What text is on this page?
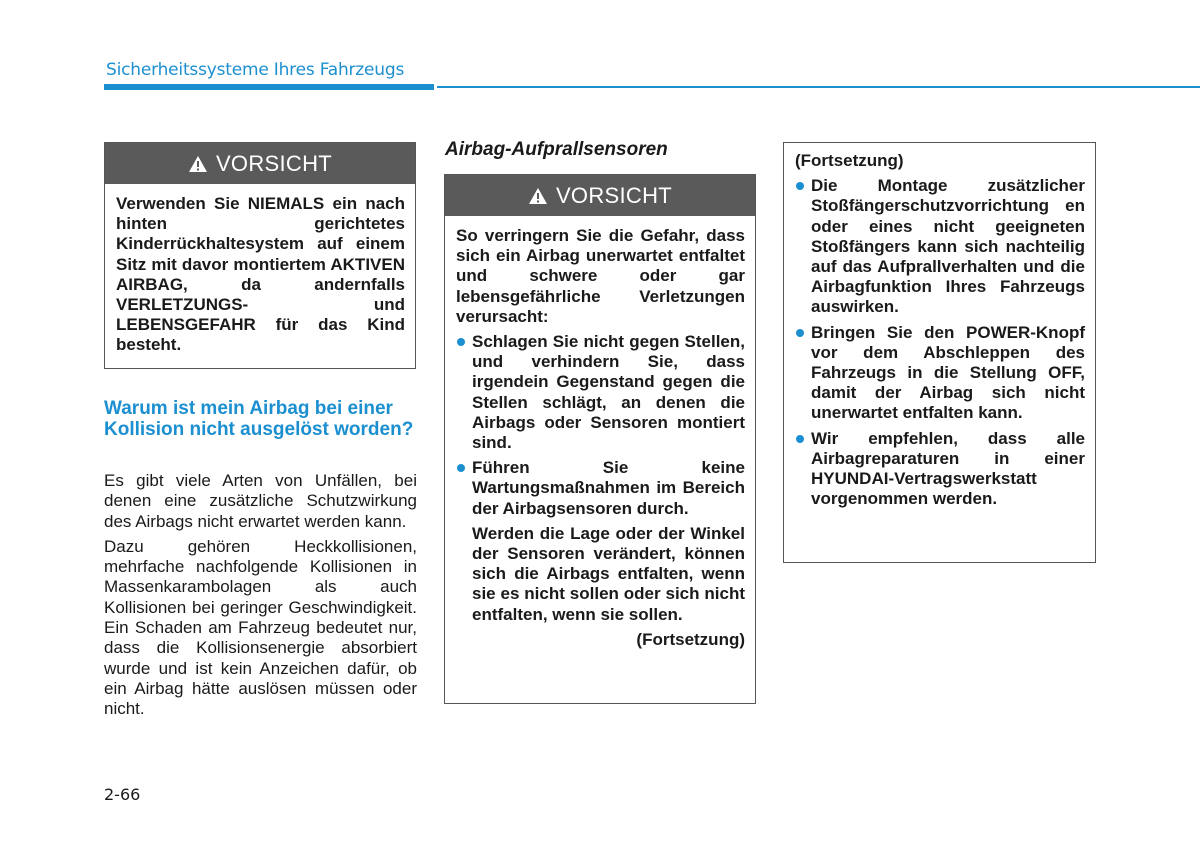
Sicherheitssysteme Ihres Fahrzeugs
VORSICHT
Verwenden Sie NIEMALS ein nach hinten gerichtetes Kinderrückhaltesystem auf einem Sitz mit davor montiertem AKTIVEN AIRBAG, da andernfalls VERLETZUNGS- und LEBENSGEFAHR für das Kind besteht.
Warum ist mein Airbag bei einer Kollision nicht ausgelöst worden?

Es gibt viele Arten von Unfällen, bei denen eine zusätzliche Schutzwirkung des Airbags nicht erwartet werden kann.

Dazu gehören Heckkollisionen, mehrfache nachfolgende Kollisionen in Massenkarambolagen als auch Kollisionen bei geringer Geschwindigkeit. Ein Schaden am Fahrzeug bedeutet nur, dass die Kollisionsenergie absorbiert wurde und ist kein Anzeichen dafür, ob ein Airbag hätte auslösen müssen oder nicht.

Airbag-Aufprallsensoren
VORSICHT
So verringern Sie die Gefahr, dass sich ein Airbag unerwartet entfaltet und schwere oder gar lebensgefährliche Verletzungen verursacht:
Schlagen Sie nicht gegen Stellen, und verhindern Sie, dass irgendein Gegenstand gegen die Stellen schlägt, an denen die Airbags oder Sensoren montiert sind.
Führen Sie keine Wartungsmaßnahmen im Bereich der Airbagsensoren durch.
Werden die Lage oder der Winkel der Sensoren verändert, können sich die Airbags entfalten, wenn sie es nicht sollen oder sich nicht entfalten, wenn sie sollen.
(Fortsetzung)
(Fortsetzung)
Die Montage zusätzlicher Stoßfängerschutzvorrichtung en oder eines nicht geeigneten Stoßfängers kann sich nachteilig auf das Aufprallverhalten und die Airbagfunktion Ihres Fahrzeugs auswirken.
Bringen Sie den POWER-Knopf vor dem Abschleppen des Fahrzeugs in die Stellung OFF, damit der Airbag sich nicht unerwartet entfalten kann.
Wir empfehlen, dass alle Airbagreparaturen in einer HYUNDAI-Vertragswerkstatt vorgenommen werden.
2-66
